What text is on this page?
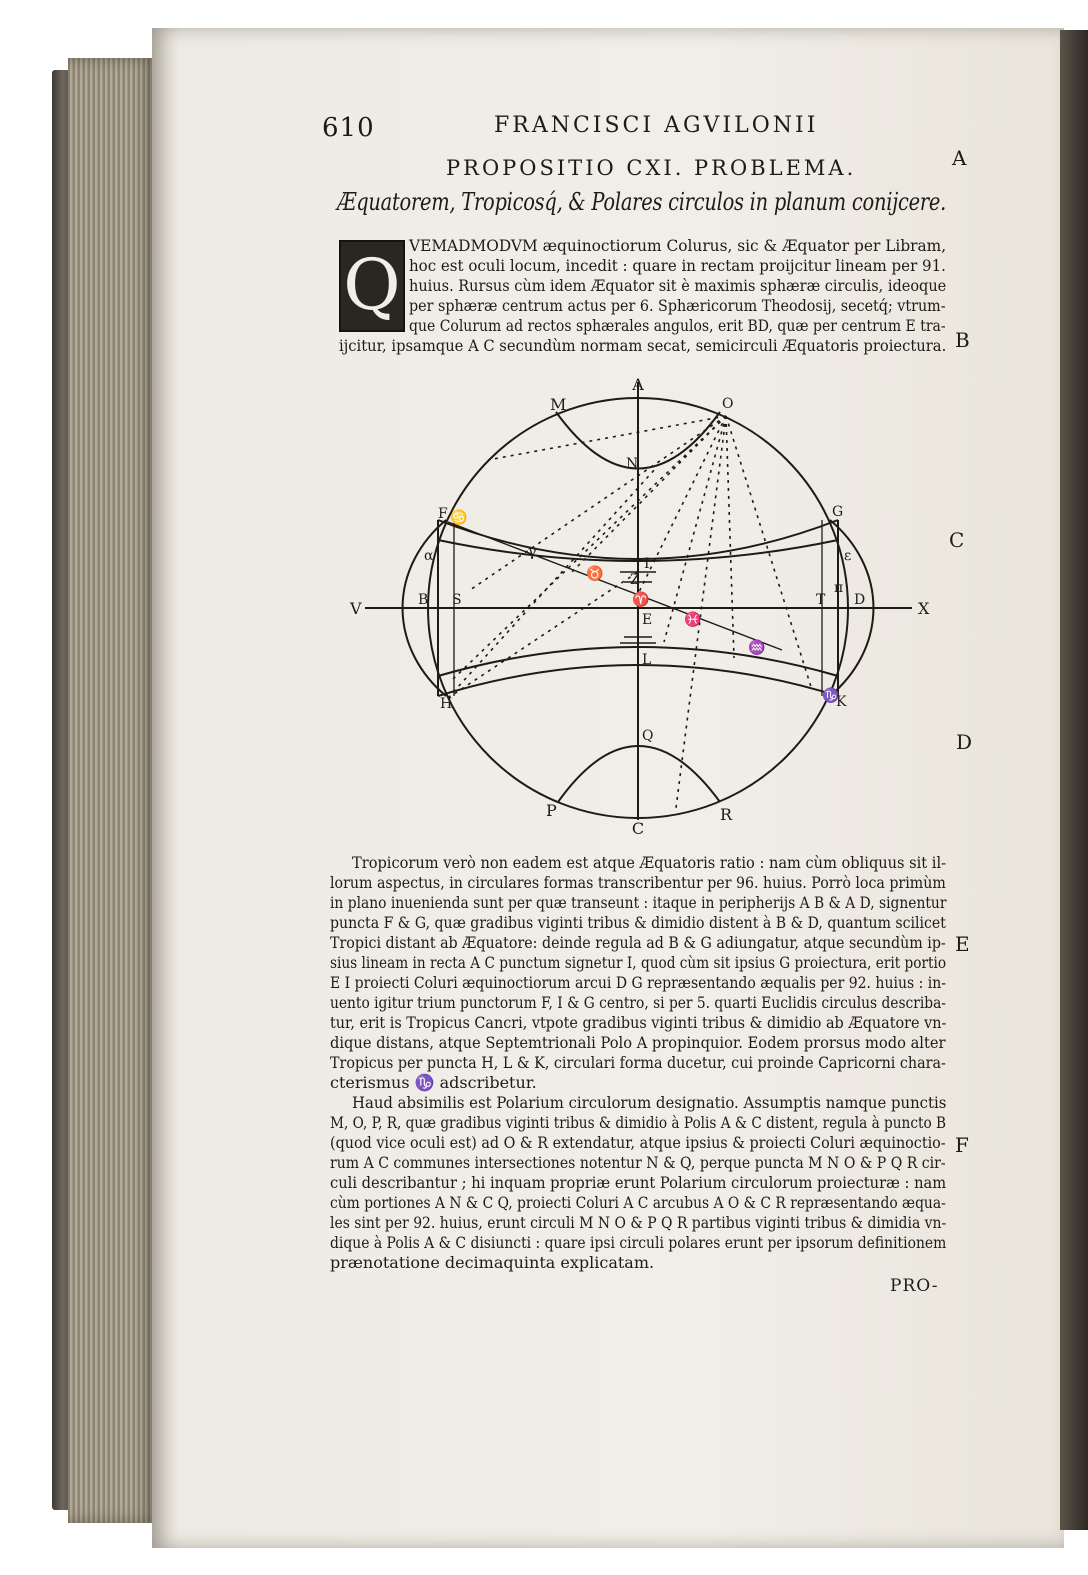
610	FRANCISCI AGVILONII
PROPOSITIO CXI. PROBLEMA.
Æquatorem, Tropicosq́, & Polares circulos in planum conijcere.
A
B
C
D
E
F
Q VEMADMODVM æquinoctiorum Colurus, sic & Æquator per Libram,
hoc est oculi locum, incedit : quare in rectam proijcitur lineam per 91.
huius. Rursus cùm idem Æquator sit è maximis sphæræ circulis, ideoque
per sphæræ centrum actus per 6. Sphæricorum Theodosij, secetq́; vtrum-
que Colurum ad rectos sphærales angulos, erit BD, quæ per centrum E tra-
ijcitur, ipsamque A C secundùm normam secat, semicirculi Æquatoris proiectura.
A
C
M	O
N
Q
P	R
F ♋	G
H	♑
K
V	X
B	D
S	T
E
I
Z
L
α	ε
γ
♈
♉
♓
♒
π
Tropicorum verò non eadem est atque Æquatoris ratio : nam cùm obliquus sit il-
lorum aspectus, in circulares formas transcribentur per 96. huius. Porrò loca primùm
in plano inuenienda sunt per quæ transeunt : itaque in peripherijs A B & A D, signentur
puncta F & G, quæ gradibus viginti tribus & dimidio distent à B & D, quantum scilicet
Tropici distant ab Æquatore: deinde regula ad B & G adiungatur, atque secundùm ip-
sius lineam in recta A C punctum signetur I, quod cùm sit ipsius G proiectura, erit portio
E I proiecti Coluri æquinoctiorum arcui D G repræsentando æqualis per 92. huius : in-
uento igitur trium punctorum F, I & G centro, si per 5. quarti Euclidis circulus describa-
tur, erit is Tropicus Cancri, vtpote gradibus viginti tribus & dimidio ab Æquatore vn-
dique distans, atque Septemtrionali Polo A propinquior. Eodem prorsus modo alter
Tropicus per puncta H, L & K, circulari forma ducetur, cui proinde Capricorni chara-
cterismus ♑ adscribetur.
Haud absimilis est Polarium circulorum designatio. Assumptis namque punctis
M, O, P, R, quæ gradibus viginti tribus & dimidio à Polis A & C distent, regula à puncto B
(quod vice oculi est) ad O & R extendatur, atque ipsius & proiecti Coluri æquinoctio-
rum A C communes intersectiones notentur N & Q, perque puncta M N O & P Q R cir-
culi describantur ; hi inquam propriæ erunt Polarium circulorum proiecturæ : nam
cùm portiones A N & C Q, proiecti Coluri A C arcubus A O & C R repræsentando æqua-
les sint per 92. huius, erunt circuli M N O & P Q R partibus viginti tribus & dimidia vn-
dique à Polis A & C disiuncti : quare ipsi circuli polares erunt per ipsorum definitionem
prænotatione decimaquinta explicatam.
PRO-
